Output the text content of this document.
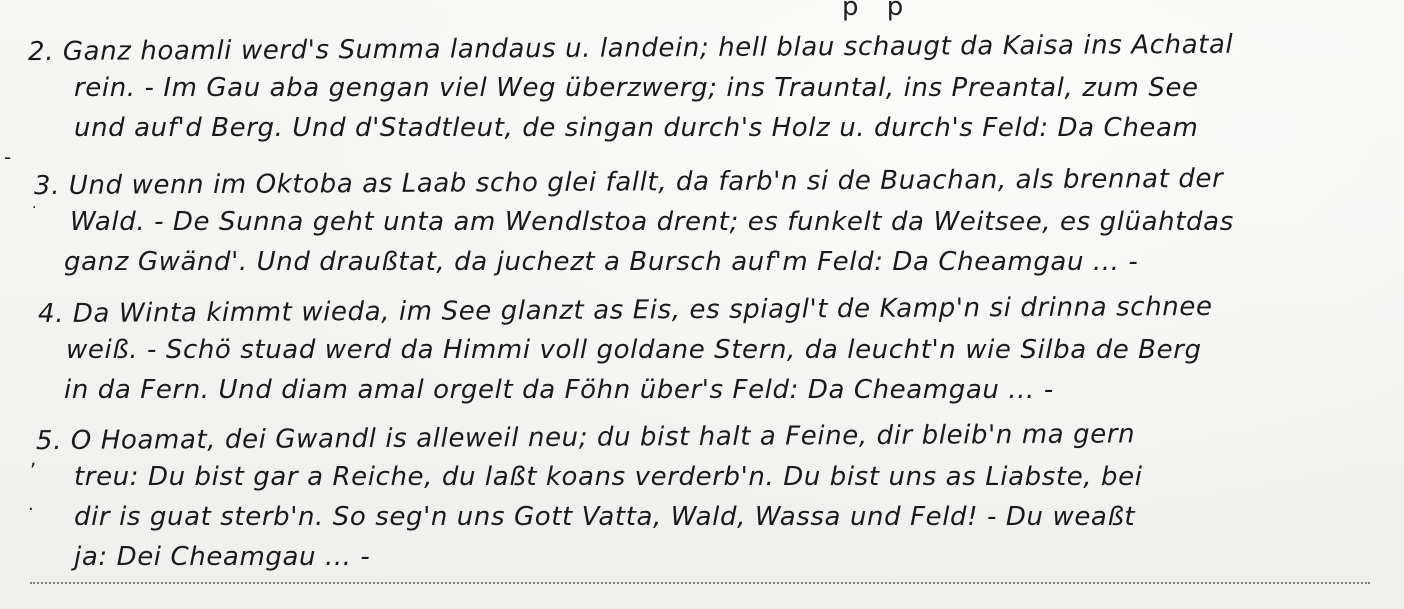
p p
2. Ganz hoamli werd's Summa landaus u. landein; hell blau schaugt da Kaisa ins Achatal
rein. - Im Gau aba gengan viel Weg überzwerg; ins Trauntal, ins Preantal, zum See
und auf'd Berg. Und d'Stadtleut, de singan durch's Holz u. durch's Feld: Da Cheam
3. Und wenn im Oktoba as Laab scho glei fallt, da farb'n si de Buachan, als brennat der
Wald. - De Sunna geht unta am Wendlstoa drent; es funkelt da Weitsee, es glüahtdas
ganz Gwänd'. Und draußtat, da juchezt a Bursch auf'm Feld: Da Cheamgau ... -
4. Da Winta kimmt wieda, im See glanzt as Eis, es spiagl't de Kamp'n si drinna schnee
weiß. - Schö stuad werd da Himmi voll goldane Stern, da leucht'n wie Silba de Berg
in da Fern. Und diam amal orgelt da Föhn über's Feld: Da Cheamgau ... -
5. O Hoamat, dei Gwandl is alleweil neu; du bist halt a Feine, dir bleib'n ma gern
treu: Du bist gar a Reiche, du laßt koans verderb'n. Du bist uns as Liabste, bei
dir is guat sterb'n. So seg'n uns Gott Vatta, Wald, Wassa und Feld! - Du weaßt
ja: Dei Cheamgau ... -
-
.
,
.
